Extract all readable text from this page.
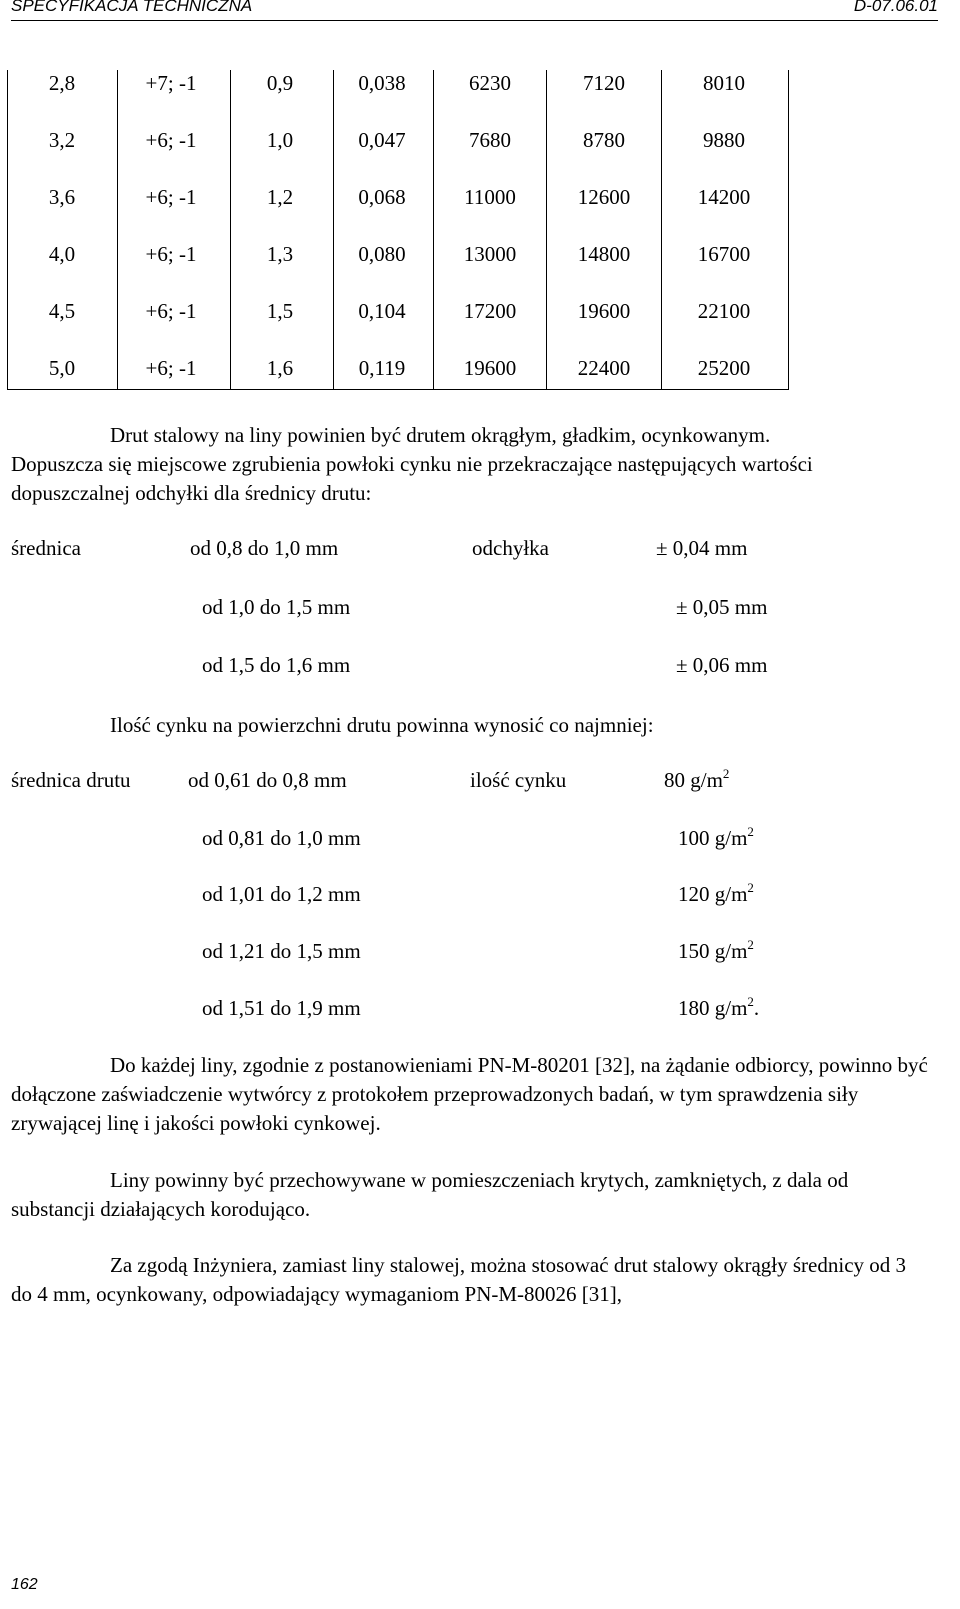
SPECYFIKACJA TECHNICZNA	D-07.06.01
2,8	+7; -1	0,9	0,038	6230	7120	8010
3,2	+6; -1	1,0	0,047	7680	8780	9880
3,6	+6; -1	1,2	0,068	11000	12600	14200
4,0	+6; -1	1,3	0,080	13000	14800	16700
4,5	+6; -1	1,5	0,104	17200	19600	22100
5,0	+6; -1	1,6	0,119	19600	22400	25200
Drut stalowy na liny powinien być drutem okrągłym, gładkim, ocynkowanym.
Dopuszcza się miejscowe zgrubienia powłoki cynku nie przekraczające następujących wartości dopuszczalnej odchyłki dla średnicy drutu:
średnica	od 0,8 do 1,0 mm	odchyłka	± 0,04 mm
od 1,0 do 1,5 mm	± 0,05 mm
od 1,5 do 1,6 mm	± 0,06 mm
Ilość cynku na powierzchni drutu powinna wynosić co najmniej:
średnica drutu	od 0,61 do 0,8 mm	ilość cynku	80 $g/m^2$
od 0,81 do 1,0 mm	100 $g/m^2$
od 1,01 do 1,2 mm	120 $g/m^2$
od 1,21 do 1,5 mm	150 $g/m^2$
od 1,51 do 1,9 mm	180 $g/m^2$.
Do każdej liny, zgodnie z postanowieniami PN-M-80201 [32], na żądanie odbiorcy, powinno być dołączone zaświadczenie wytwórcy z protokołem przeprowadzonych badań, w tym sprawdzenia siły zrywającej linę i jakości powłoki cynkowej.
Liny powinny być przechowywane w pomieszczeniach krytych, zamkniętych, z dala od substancji działających korodująco.
Za zgodą Inżyniera, zamiast liny stalowej, można stosować drut stalowy okrągły średnicy od 3 do 4 mm, ocynkowany, odpowiadający wymaganiom PN-M-80026 [31],
162
